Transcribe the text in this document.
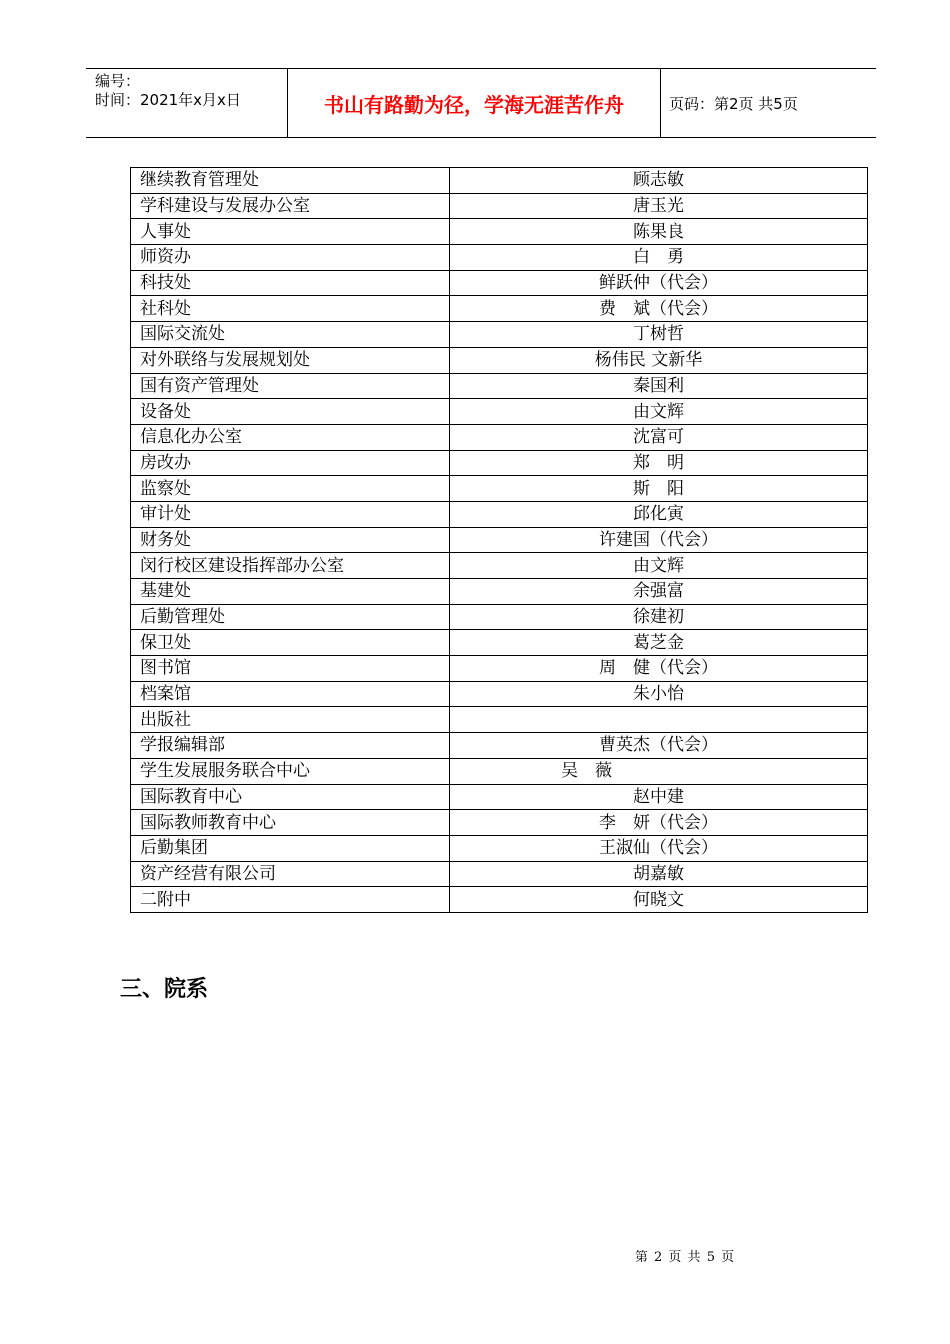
编号：
时间：2021年x月x日	书山有路勤为径，学海无涯苦作舟	页码：第2页 共5页
继续教育管理处	顾志敏
学科建设与发展办公室	唐玉光
人事处	陈果良
师资办	白　勇
科技处	鲜跃仲（代会）
社科处	费　斌（代会）
国际交流处	丁树哲
对外联络与发展规划处	杨伟民 文新华
国有资产管理处	秦国利
设备处	由文辉
信息化办公室	沈富可
房改办	郑　明
监察处	斯　阳
审计处	邱化寅
财务处	许建国（代会）
闵行校区建设指挥部办公室	由文辉
基建处	余强富
后勤管理处	徐建初
保卫处	葛芝金
图书馆	周　健（代会）
档案馆	朱小怡
出版社	
学报编辑部	曹英杰（代会）
学生发展服务联合中心	吴　薇
国际教育中心	赵中建
国际教师教育中心	李　妍（代会）
后勤集团	王淑仙（代会）
资产经营有限公司	胡嘉敏
二附中	何晓文
三、院系
第 2 页 共 5 页
